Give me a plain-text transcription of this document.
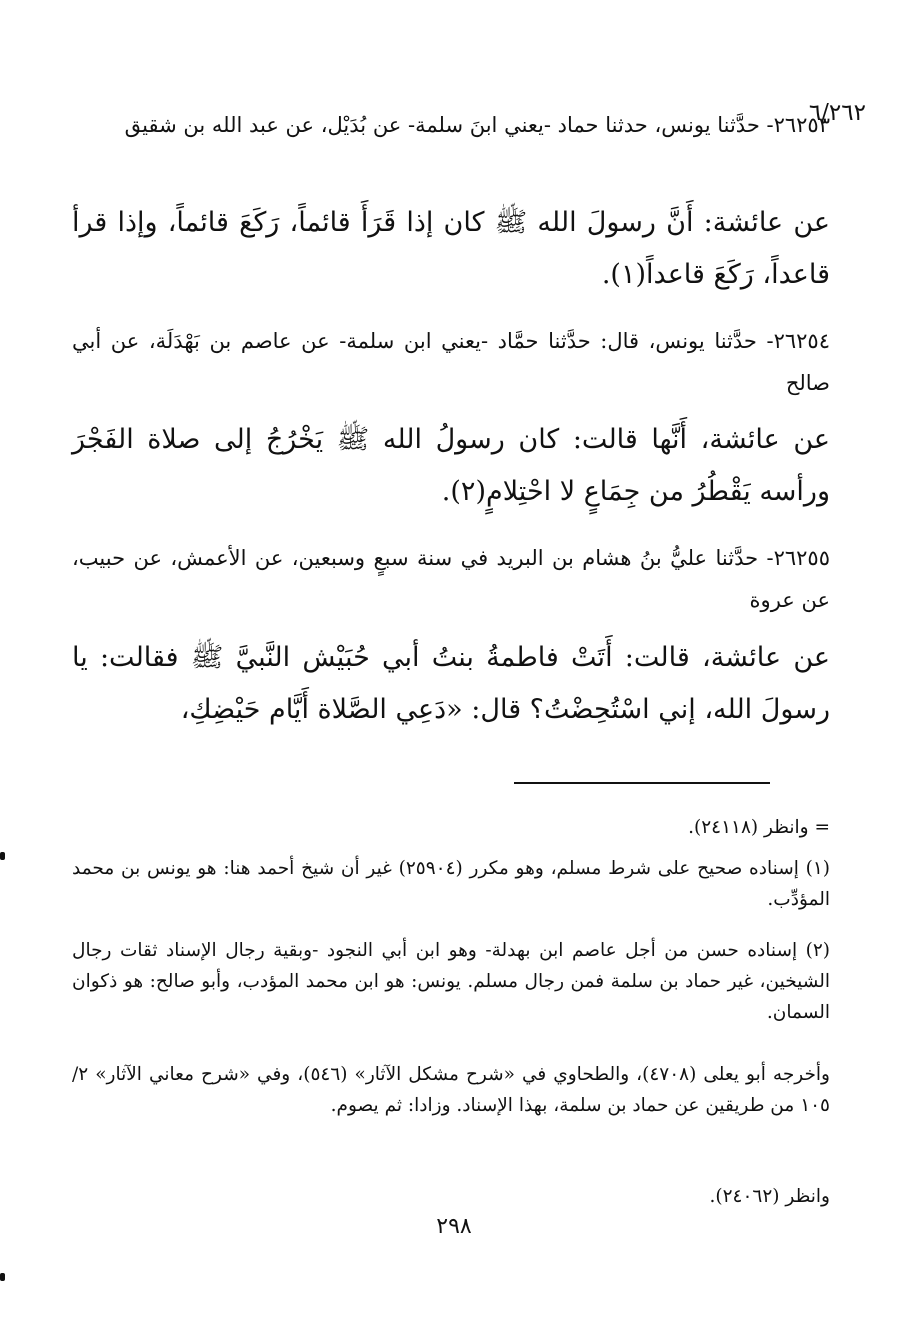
٦/٢٦٢
٢٦٢٥٣- حدَّثنا يونس، حدثنا حماد -يعني ابنَ سلمة- عن بُدَيْل، عن عبد الله بن شقيق
عن عائشة: أَنَّ رسولَ الله ﷺ كان إذا قَرَأَ قائماً، رَكَعَ قائماً، وإذا قرأ قاعداً، رَكَعَ قاعداً(١).
٢٦٢٥٤- حدَّثنا يونس، قال: حدَّثنا حمَّاد -يعني ابن سلمة- عن عاصم بن بَهْدَلَة، عن أبي صالح
عن عائشة، أَنَّها قالت: كان رسولُ الله ﷺ يَخْرُجُ إلى صلاة الفَجْرَ ورأسه يَقْطُرُ من جِمَاعٍ لا احْتِلامٍ(٢).
٢٦٢٥٥- حدَّثنا عليُّ بنُ هشام بن البريد في سنة سبعٍ وسبعين، عن الأعمش، عن حبيب، عن عروة
عن عائشة، قالت: أَتَتْ فاطمةُ بنتُ أبي حُبَيْش النَّبيَّ ﷺ فقالت: يا رسولَ الله، إني اسْتُحِضْتُ؟ قال: «دَعِي الصَّلاة أَيَّام حَيْضِكِ،
= وانظر (٢٤١١٨).
(١) إسناده صحيح على شرط مسلم، وهو مكرر (٢٥٩٠٤) غير أن شيخ أحمد هنا: هو يونس بن محمد المؤدِّب.
(٢) إسناده حسن من أجل عاصم ابن بهدلة- وهو ابن أبي النجود -وبقية رجال الإسناد ثقات رجال الشيخين، غير حماد بن سلمة فمن رجال مسلم. يونس: هو ابن محمد المؤدب، وأبو صالح: هو ذكوان السمان.
وأخرجه أبو يعلى (٤٧٠٨)، والطحاوي في «شرح مشكل الآثار» (٥٤٦)، وفي «شرح معاني الآثار» ٢/ ١٠٥ من طريقين عن حماد بن سلمة، بهذا الإسناد. وزادا: ثم يصوم.
وانظر (٢٤٠٦٢).
٢٩٨
